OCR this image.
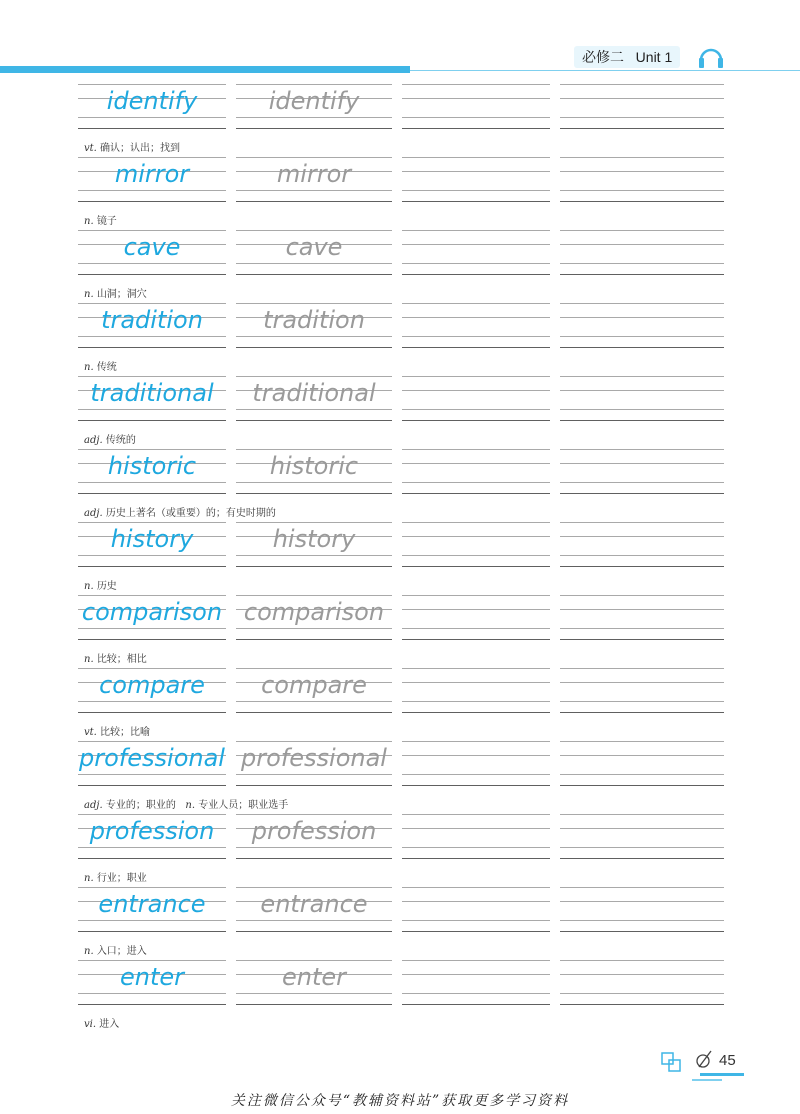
必修二 Unit 1
identify	identify
vt. 确认；认出；找到
mirror	mirror
n. 镜子
cave	cave
n. 山洞；洞穴
tradition	tradition
n. 传统
traditional	traditional
adj. 传统的
historic	historic
adj. 历史上著名（或重要）的；有史时期的
history	history
n. 历史
comparison comparison
n. 比较；相比
compare	compare
vt. 比较；比喻
professional professional
adj. 专业的；职业的 n. 专业人员；职业选手
profession	profession
n. 行业；职业
entrance	entrance
n. 入口；进入
enter	enter
vi. 进入
45
关注微信公众号“教辅资料站”获取更多学习资料
